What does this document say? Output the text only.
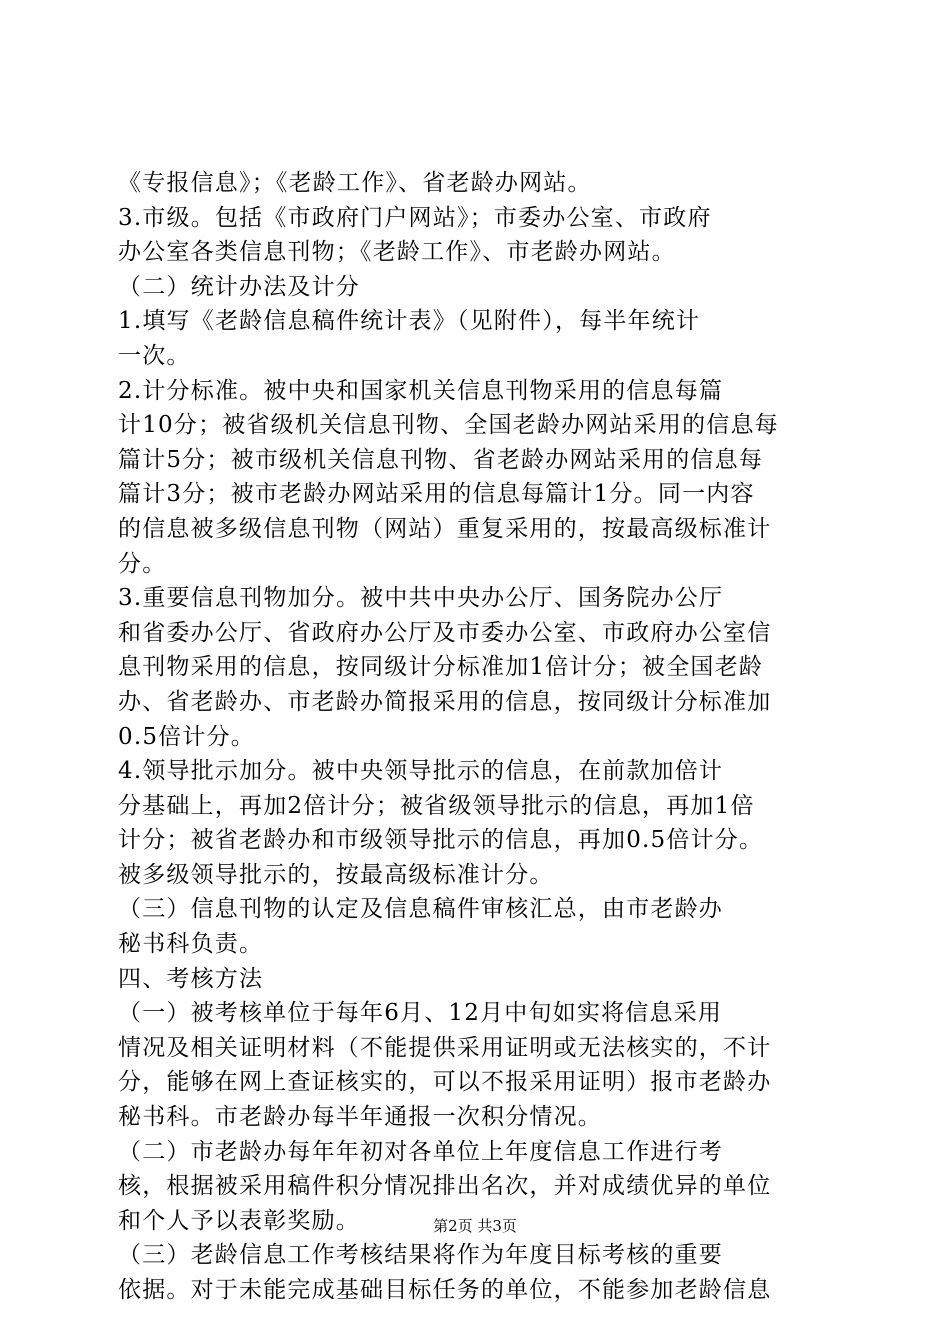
《专报信息》；《老龄工作》、省老龄办网站。
3.市级。包括《市政府门户网站》；市委办公室、市政府
办公室各类信息刊物；《老龄工作》、市老龄办网站。
（二）统计办法及计分
1.填写《老龄信息稿件统计表》（见附件），每半年统计
一次。
2.计分标准。被中央和国家机关信息刊物采用的信息每篇
计10分；被省级机关信息刊物、全国老龄办网站采用的信息每
篇计5分；被市级机关信息刊物、省老龄办网站采用的信息每
篇计3分；被市老龄办网站采用的信息每篇计1分。同一内容
的信息被多级信息刊物（网站）重复采用的，按最高级标准计
分。
3.重要信息刊物加分。被中共中央办公厅、国务院办公厅
和省委办公厅、省政府办公厅及市委办公室、市政府办公室信
息刊物采用的信息，按同级计分标准加1倍计分；被全国老龄
办、省老龄办、市老龄办简报采用的信息，按同级计分标准加
0.5倍计分。
4.领导批示加分。被中央领导批示的信息，在前款加倍计
分基础上，再加2倍计分；被省级领导批示的信息，再加1倍
计分；被省老龄办和市级领导批示的信息，再加0.5倍计分。
被多级领导批示的，按最高级标准计分。
（三）信息刊物的认定及信息稿件审核汇总，由市老龄办
秘书科负责。
四、考核方法
（一）被考核单位于每年6月、12月中旬如实将信息采用
情况及相关证明材料（不能提供采用证明或无法核实的，不计
分，能够在网上查证核实的，可以不报采用证明）报市老龄办
秘书科。市老龄办每半年通报一次积分情况。
（二）市老龄办每年年初对各单位上年度信息工作进行考
核，根据被采用稿件积分情况排出名次，并对成绩优异的单位
和个人予以表彰奖励。
（三）老龄信息工作考核结果将作为年度目标考核的重要
依据。对于未能完成基础目标任务的单位，不能参加老龄信息
第2页 共3页
